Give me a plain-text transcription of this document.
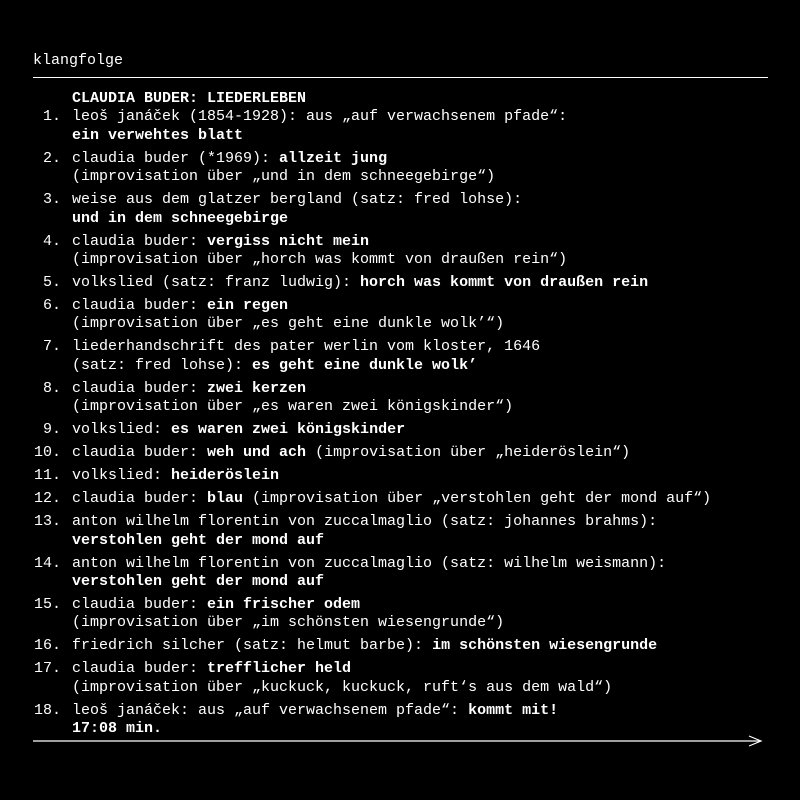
klangfolge
CLAUDIA BUDER: LIEDERLEBEN
1. leoš janáček (1854-1928): aus „auf verwachsenem pfade“:
ein verwehtes blatt
2. claudia buder (*1969): allzeit jung
(improvisation über „und in dem schneegebirge“)
3. weise aus dem glatzer bergland (satz: fred lohse):
und in dem schneegebirge
4. claudia buder: vergiss nicht mein
(improvisation über „horch was kommt von draußen rein“)
5. volkslied (satz: franz ludwig): horch was kommt von draußen rein
6. claudia buder: ein regen
(improvisation über „es geht eine dunkle wolk’“)
7. liederhandschrift des pater werlin vom kloster, 1646
(satz: fred lohse): es geht eine dunkle wolk’
8. claudia buder: zwei kerzen
(improvisation über „es waren zwei königskinder“)
9. volkslied: es waren zwei königskinder
10. claudia buder: weh und ach (improvisation über „heideröslein“)
11. volkslied: heideröslein
12. claudia buder: blau (improvisation über „verstohlen geht der mond auf“)
13. anton wilhelm florentin von zuccalmaglio (satz: johannes brahms):
verstohlen geht der mond auf
14. anton wilhelm florentin von zuccalmaglio (satz: wilhelm weismann):
verstohlen geht der mond auf
15. claudia buder: ein frischer odem
(improvisation über „im schönsten wiesengrunde“)
16. friedrich silcher (satz: helmut barbe): im schönsten wiesengrunde
17. claudia buder: trefflicher held
(improvisation über „kuckuck, kuckuck, ruft‘s aus dem wald“)
18. leoš janáček: aus „auf verwachsenem pfade“: kommt mit!
17:08 min.
